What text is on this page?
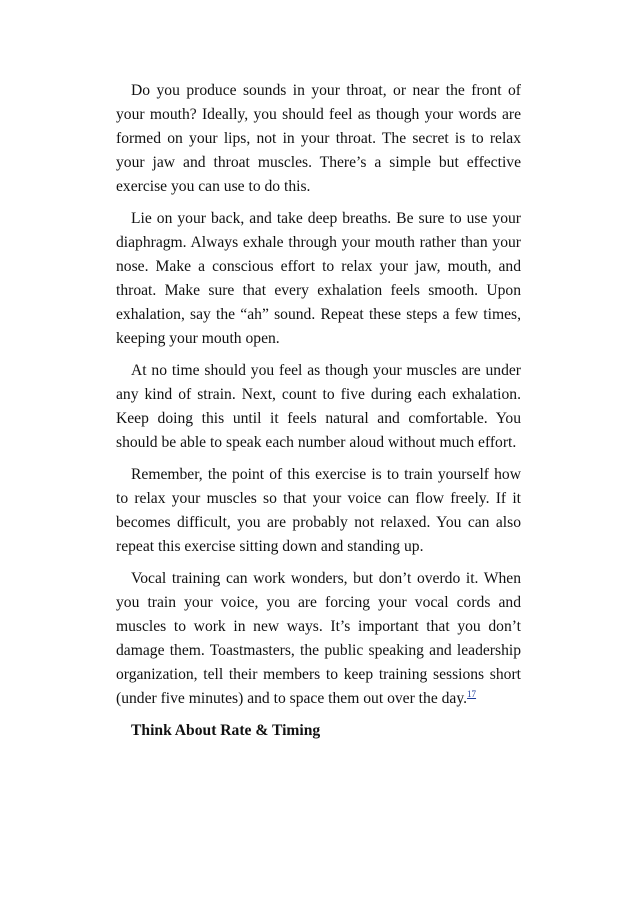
Do you produce sounds in your throat, or near the front of your mouth? Ideally, you should feel as though your words are formed on your lips, not in your throat. The secret is to relax your jaw and throat muscles. There’s a simple but effective exercise you can use to do this.

Lie on your back, and take deep breaths. Be sure to use your diaphragm. Always exhale through your mouth rather than your nose. Make a conscious effort to relax your jaw, mouth, and throat. Make sure that every exhalation feels smooth. Upon exhalation, say the “ah” sound. Repeat these steps a few times, keeping your mouth open.

At no time should you feel as though your muscles are under any kind of strain. Next, count to five during each exhalation. Keep doing this until it feels natural and comfortable. You should be able to speak each number aloud without much effort.

Remember, the point of this exercise is to train yourself how to relax your muscles so that your voice can flow freely. If it becomes difficult, you are probably not relaxed. You can also repeat this exercise sitting down and standing up.

Vocal training can work wonders, but don’t overdo it. When you train your voice, you are forcing your vocal cords and muscles to work in new ways. It’s important that you don’t damage them. Toastmasters, the public speaking and leadership organization, tell their members to keep training sessions short (under five minutes) and to space them out over the day.$^{17}$

Think About Rate & Timing
